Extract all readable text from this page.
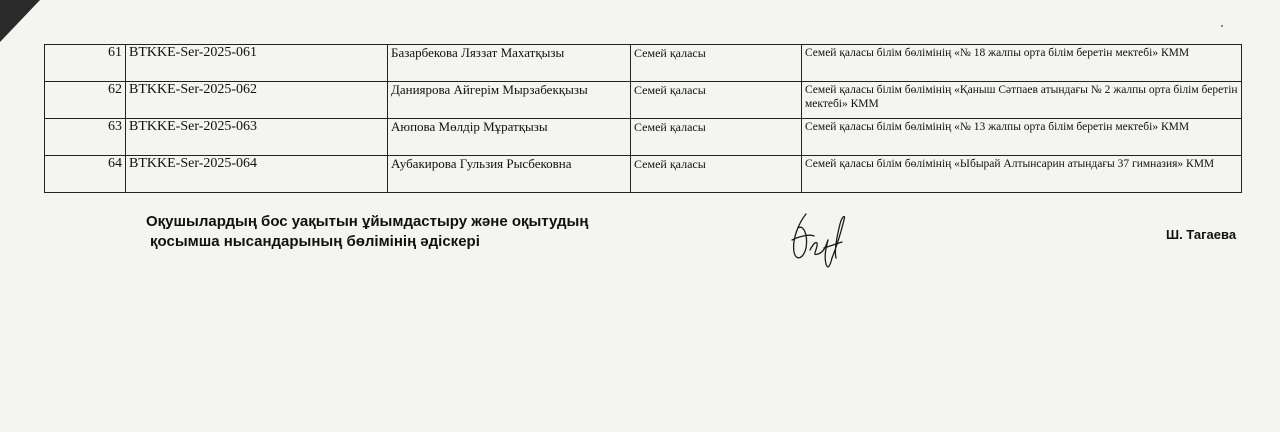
61	BTKKE-Ser-2025-061	Базарбекова Ляззат Махатқызы	Семей қаласы	Семей қаласы білім бөлімінің «№ 18 жалпы орта білім беретін мектебі» КММ
62	BTKKE-Ser-2025-062	Даниярова Айгерім Мырзабекқызы	Семей қаласы	Семей қаласы білім бөлімінің «Қаныш Сәтпаев атындағы № 2 жалпы орта білім беретін мектебі» КММ
63	BTKKE-Ser-2025-063	Аюпова Мөлдір Мұратқызы	Семей қаласы	Семей қаласы білім бөлімінің «№ 13 жалпы орта білім беретін мектебі» КММ
64	BTKKE-Ser-2025-064	Аубакирова Гульзия Рысбековна	Семей қаласы	Семей қаласы білім бөлімінің «Ыбырай Алтынсарин атындағы 37 гимназия» КММ
Оқушылардың бос уақытын ұйымдастыру және оқытудың
қосымша нысандарының бөлімінің әдіскері	Ш. Тагаева
